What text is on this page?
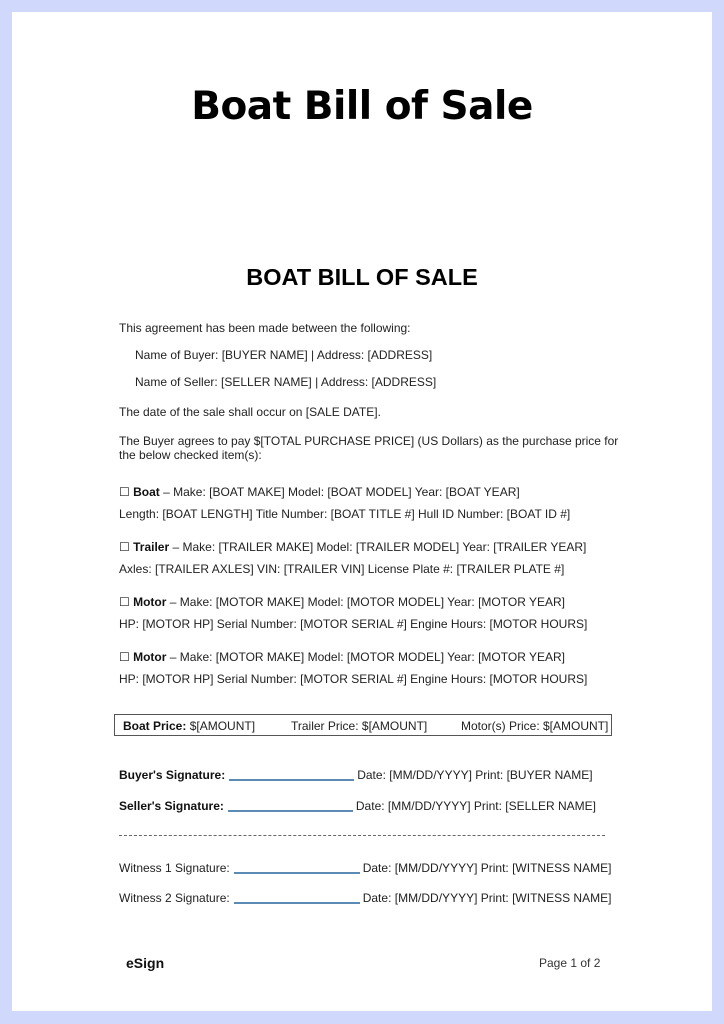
Boat Bill of Sale
BOAT BILL OF SALE
This agreement has been made between the following:
Name of Buyer: [BUYER NAME] | Address: [ADDRESS]
Name of Seller: [SELLER NAME] | Address: [ADDRESS]
The date of the sale shall occur on [SALE DATE].
The Buyer agrees to pay $[TOTAL PURCHASE PRICE] (US Dollars) as the purchase price for
the below checked item(s):
☐ Boat – Make: [BOAT MAKE] Model: [BOAT MODEL] Year: [BOAT YEAR]
Length: [BOAT LENGTH] Title Number: [BOAT TITLE #] Hull ID Number: [BOAT ID #]
☐ Trailer – Make: [TRAILER MAKE] Model: [TRAILER MODEL] Year: [TRAILER YEAR]
Axles: [TRAILER AXLES] VIN: [TRAILER VIN] License Plate #: [TRAILER PLATE #]
☐ Motor – Make: [MOTOR MAKE] Model: [MOTOR MODEL] Year: [MOTOR YEAR]
HP: [MOTOR HP] Serial Number: [MOTOR SERIAL #] Engine Hours: [MOTOR HOURS]
☐ Motor – Make: [MOTOR MAKE] Model: [MOTOR MODEL] Year: [MOTOR YEAR]
HP: [MOTOR HP] Serial Number: [MOTOR SERIAL #] Engine Hours: [MOTOR HOURS]
Boat Price: $[AMOUNT]	Trailer Price: $[AMOUNT]	Motor(s) Price: $[AMOUNT]
Buyer's Signature:	Date: [MM/DD/YYYY] Print: [BUYER NAME]
Seller's Signature:	Date: [MM/DD/YYYY] Print: [SELLER NAME]
Witness 1 Signature:	Date: [MM/DD/YYYY] Print: [WITNESS NAME]
Witness 2 Signature:	Date: [MM/DD/YYYY] Print: [WITNESS NAME]
eSign	Page 1 of 2
